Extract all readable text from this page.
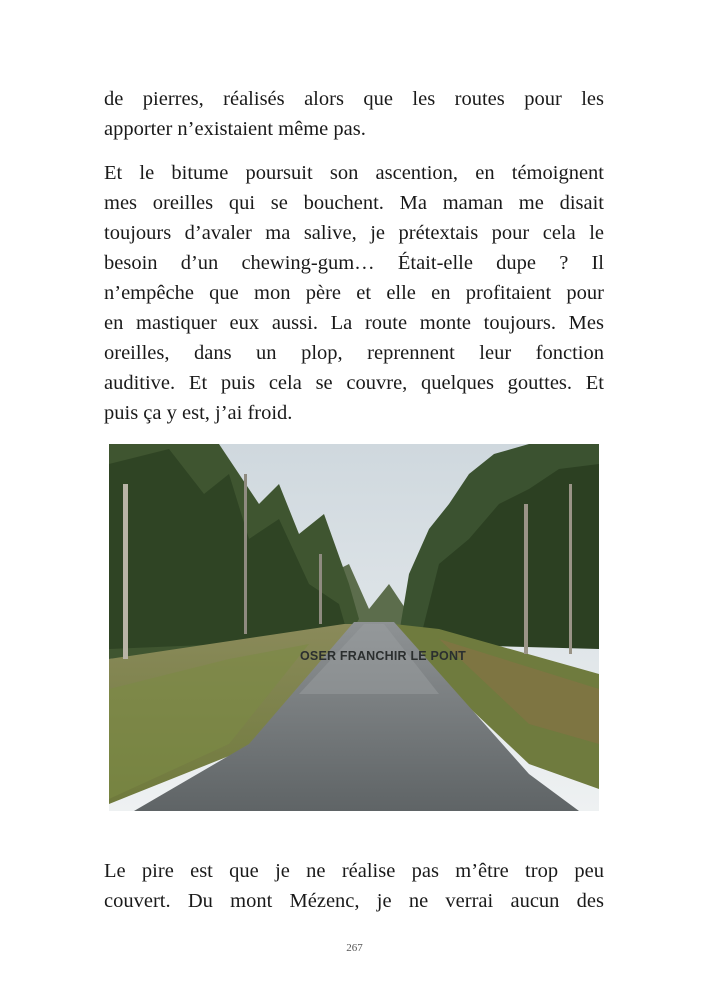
de pierres, réalisés alors que les routes pour les
apporter n’existaient même pas.
Et le bitume poursuit son ascention, en témoignent
mes oreilles qui se bouchent. Ma maman me disait
toujours d’avaler ma salive, je prétextais pour cela le
besoin d’un chewing-gum… Était-elle dupe ? Il
n’empêche que mon père et elle en profitaient pour
en mastiquer eux aussi. La route monte toujours. Mes
oreilles, dans un plop, reprennent leur fonction
auditive. Et puis cela se couvre, quelques gouttes. Et
puis ça y est, j’ai froid.
OSER FRANCHIR LE PONT
Le pire est que je ne réalise pas m’être trop peu
couvert. Du mont Mézenc, je ne verrai aucun des
267
